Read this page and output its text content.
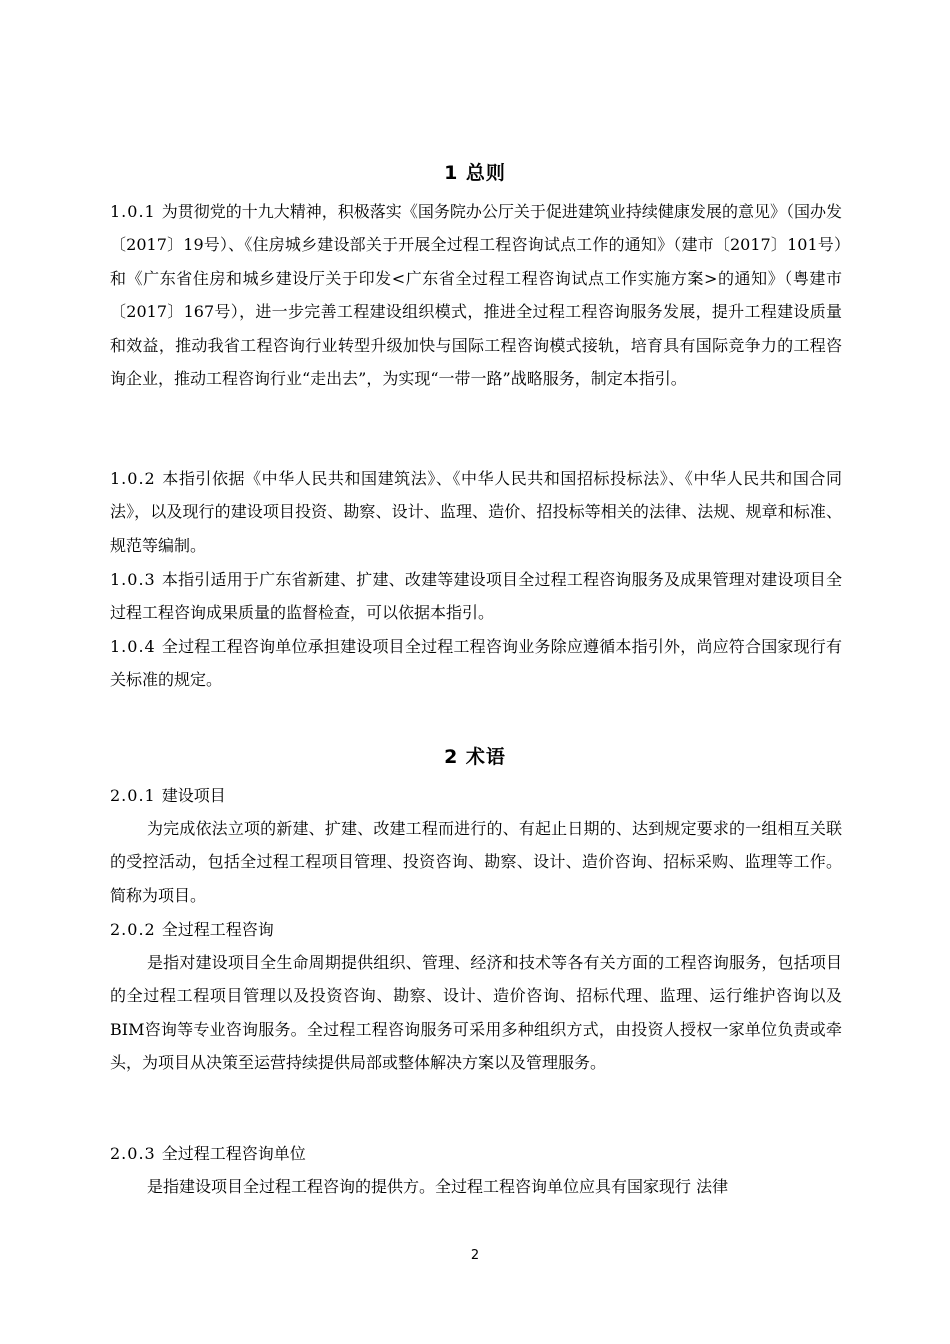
1 总则
1.0.1 为贯彻党的十九大精神，积极落实《国务院办公厅关于促进建筑业持续健康发展的意见》（国办发〔2017〕19号）、《住房城乡建设部关于开展全过程工程咨询试点工作的通知》（建市〔2017〕101号）和《广东省住房和城乡建设厅关于印发<广东省全过程工程咨询试点工作实施方案>的通知》（粤建市〔2017〕167号），进一步完善工程建设组织模式，推进全过程工程咨询服务发展，提升工程建设质量和效益，推动我省工程咨询行业转型升级加快与国际工程咨询模式接轨，培育具有国际竞争力的工程咨询企业，推动工程咨询行业“走出去”，为实现“一带一路”战略服务，制定本指引。
1.0.2 本指引依据《中华人民共和国建筑法》、《中华人民共和国招标投标法》、《中华人民共和国合同法》，以及现行的建设项目投资、勘察、设计、监理、造价、招投标等相关的法律、法规、规章和标准、规范等编制。
1.0.3 本指引适用于广东省新建、扩建、改建等建设项目全过程工程咨询服务及成果管理对建设项目全过程工程咨询成果质量的监督检查，可以依据本指引。
1.0.4 全过程工程咨询单位承担建设项目全过程工程咨询业务除应遵循本指引外，尚应符合国家现行有关标准的规定。
2 术语
2.0.1 建设项目
为完成依法立项的新建、扩建、改建工程而进行的、有起止日期的、达到规定要求的一组相互关联的受控活动，包括全过程工程项目管理、投资咨询、勘察、设计、造价咨询、招标采购、监理等工作。简称为项目。
2.0.2 全过程工程咨询
是指对建设项目全生命周期提供组织、管理、经济和技术等各有关方面的工程咨询服务，包括项目的全过程工程项目管理以及投资咨询、勘察、设计、造价咨询、招标代理、监理、运行维护咨询以及BIM咨询等专业咨询服务。全过程工程咨询服务可采用多种组织方式，由投资人授权一家单位负责或牵头，为项目从决策至运营持续提供局部或整体解决方案以及管理服务。
2.0.3 全过程工程咨询单位
是指建设项目全过程工程咨询的提供方。全过程工程咨询单位应具有国家现行 法律
2
